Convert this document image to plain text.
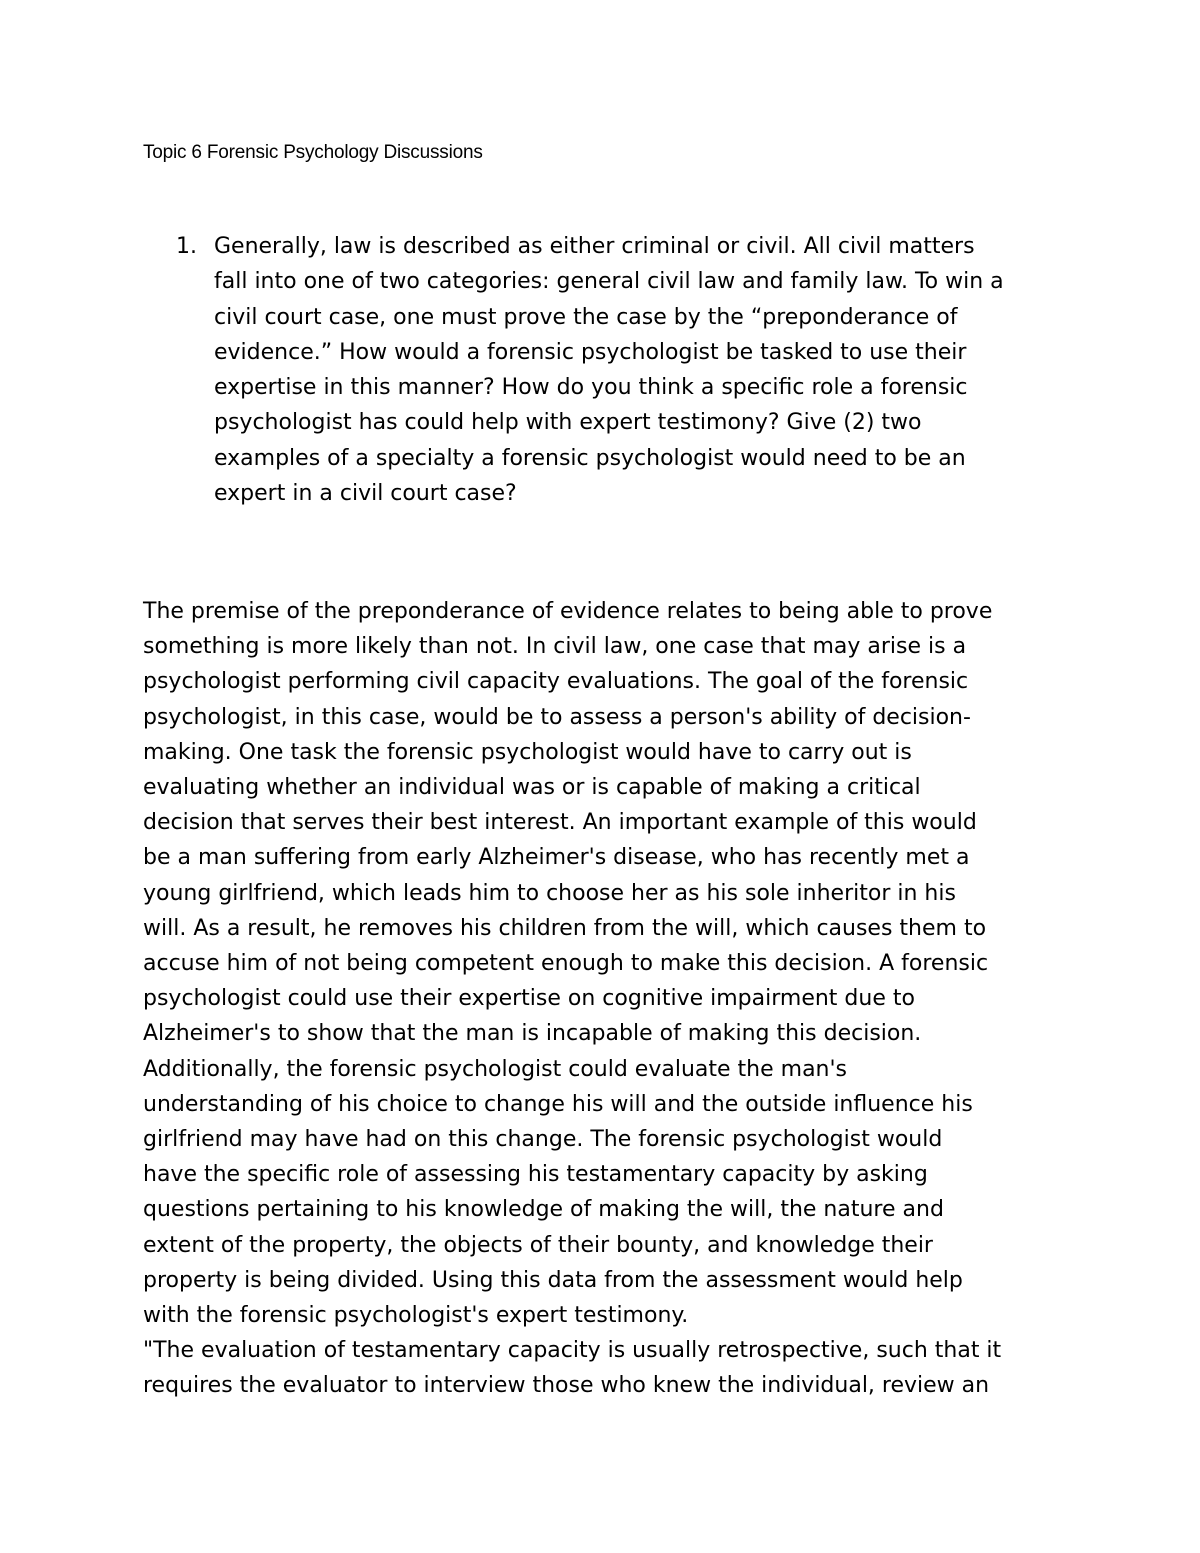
Topic 6 Forensic Psychology Discussions
1. Generally, law is described as either criminal or civil. All civil matters
fall into one of two categories: general civil law and family law. To win a
civil court case, one must prove the case by the “preponderance of
evidence.” How would a forensic psychologist be tasked to use their
expertise in this manner? How do you think a specific role a forensic
psychologist has could help with expert testimony? Give (2) two
examples of a specialty a forensic psychologist would need to be an
expert in a civil court case?
The premise of the preponderance of evidence relates to being able to prove
something is more likely than not. In civil law, one case that may arise is a
psychologist performing civil capacity evaluations. The goal of the forensic
psychologist, in this case, would be to assess a person's ability of decision-
making. One task the forensic psychologist would have to carry out is
evaluating whether an individual was or is capable of making a critical
decision that serves their best interest. An important example of this would
be a man suffering from early Alzheimer's disease, who has recently met a
young girlfriend, which leads him to choose her as his sole inheritor in his
will. As a result, he removes his children from the will, which causes them to
accuse him of not being competent enough to make this decision. A forensic
psychologist could use their expertise on cognitive impairment due to
Alzheimer's to show that the man is incapable of making this decision.
Additionally, the forensic psychologist could evaluate the man's
understanding of his choice to change his will and the outside influence his
girlfriend may have had on this change. The forensic psychologist would
have the specific role of assessing his testamentary capacity by asking
questions pertaining to his knowledge of making the will, the nature and
extent of the property, the objects of their bounty, and knowledge their
property is being divided. Using this data from the assessment would help
with the forensic psychologist's expert testimony.
"The evaluation of testamentary capacity is usually retrospective, such that it
requires the evaluator to interview those who knew the individual, review an
